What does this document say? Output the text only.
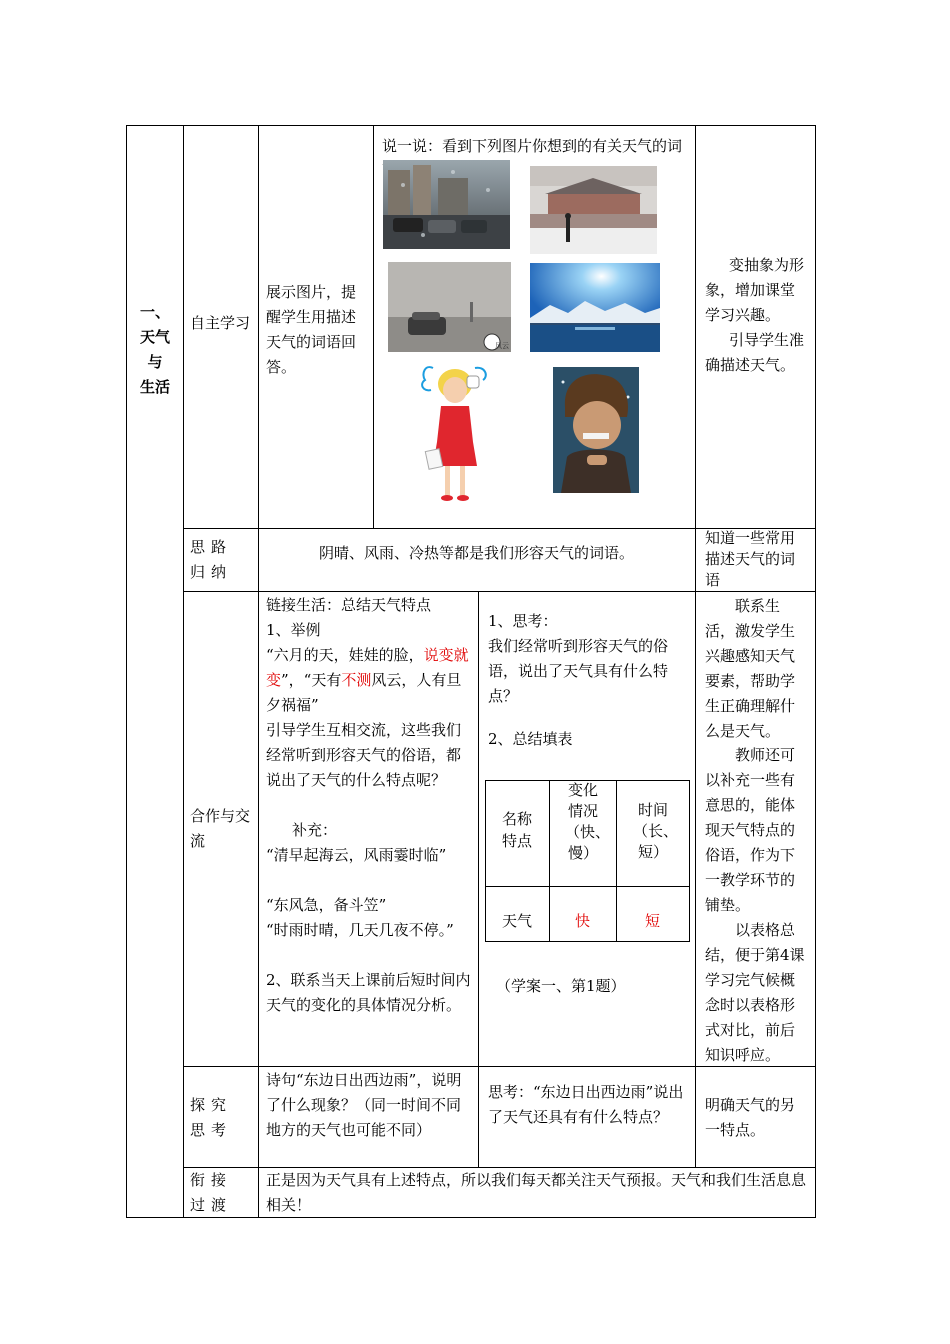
一、
天气
与
生活
自主学习
展示图片，提醒学生用描述天气的词语回答。
说一说：看到下列图片你想到的有关天气的词
风云
变抽象为形象，增加课堂学习兴趣。
引导学生准确描述天气。
思路归纳
阴晴、风雨、冷热等都是我们形容天气的词语。
知道一些常用描述天气的词语
合作与交流
链接生活：总结天气特点
1、举例
“六月的天，娃娃的脸，说变就变”，“天有不测风云，人有旦夕祸福”
引导学生互相交流，这些我们经常听到形容天气的俗语，都说出了天气的什么特点呢？
补充：
“清早起海云，风雨霎时临”
“东风急，备斗笠”
“时雨时晴，几天几夜不停。”
2、联系当天上课前后短时间内天气的变化的具体情况分析。
1、思考：
我们经常听到形容天气的俗语，说出了天气具有什么特点？
2、总结填表
名称特点
变化情况（快、慢）
时间（长、短）
天气	快	短
（学案一、第1题）
联系生活，激发学生兴趣感知天气要素，帮助学生正确理解什么是天气。
教师还可以补充一些有意思的，能体现天气特点的俗语，作为下一教学环节的铺垫。
以表格总结，便于第4课学习完气候概念时以表格形式对比，前后知识呼应。
探究思考
诗句“东边日出西边雨”，说明了什么现象？（同一时间不同地方的天气也可能不同）
思考：“东边日出西边雨”说出了天气还具有有什么特点？
明确天气的另一特点。
衔接过渡
正是因为天气具有上述特点，所以我们每天都关注天气预报。天气和我们生活息息相关！
